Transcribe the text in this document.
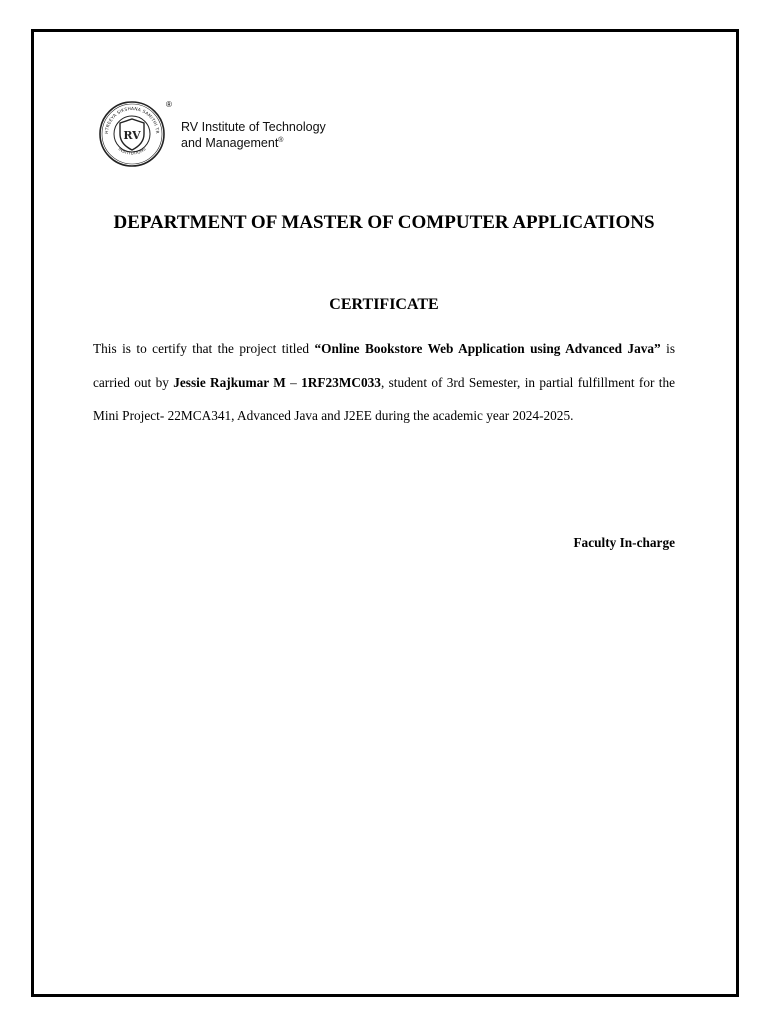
HTREEYA SIKSHANA SAMITHI TR
INSTITUTIONS
RV
®
RV Institute of Technology
and Management®
DEPARTMENT OF MASTER OF COMPUTER APPLICATIONS
CERTIFICATE
This is to certify that the project titled “Online Bookstore Web Application using Advanced Java” is carried out by Jessie Rajkumar M – 1RF23MC033, student of 3rd Semester, in partial fulfillment for the Mini Project- 22MCA341, Advanced Java and J2EE during the academic year 2024-2025.
Faculty In-charge
